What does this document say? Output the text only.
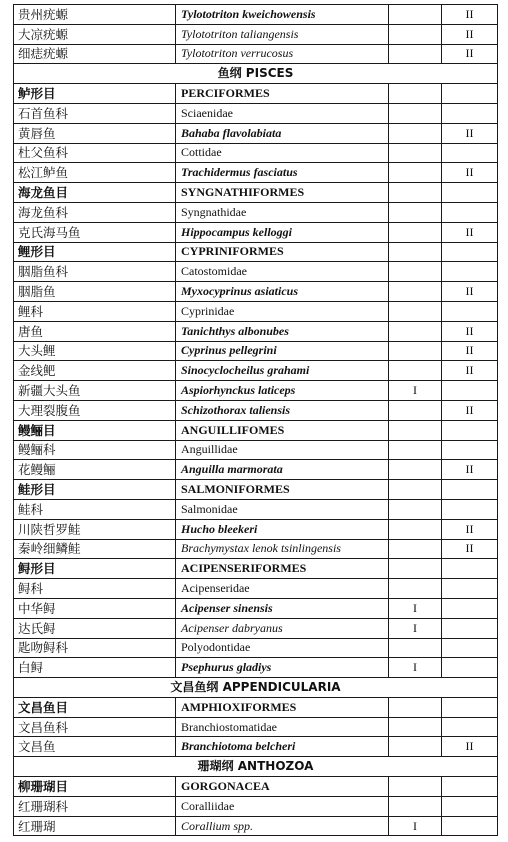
贵州疣螈	Tylototriton kweichowensis		II
大凉疣螈	Tylototriton taliangensis		II
细痣疣螈	Tylototriton verrucosus		II
鱼纲 PISCES			
鲈形目	PERCIFORMES		
石首鱼科	Sciaenidae		
黄唇鱼	Bahaba flavolabiata		II
杜父鱼科	Cottidae		
松江鲈鱼	Trachidermus fasciatus		II
海龙鱼目	SYNGNATHIFORMES		
海龙鱼科	Syngnathidae		
克氏海马鱼	Hippocampus kelloggi		II
鲤形目	CYPRINIFORMES		
胭脂鱼科	Catostomidae		
胭脂鱼	Myxocyprinus asiaticus		II
鲤科	Cyprinidae		
唐鱼	Tanichthys albonubes		II
大头鲤	Cyprinus pellegrini		II
金线鲃	Sinocyclocheilus grahami		II
新疆大头鱼	Aspiorhynckus laticeps	I	
大理裂腹鱼	Schizothorax taliensis		II
鳗鲡目	ANGUILLIFOMES		
鳗鲡科	Anguillidae		
花鳗鲡	Anguilla marmorata		II
鲑形目	SALMONIFORMES		
鲑科	Salmonidae		
川陕哲罗鲑	Hucho bleekeri		II
秦岭细鳞鲑	Brachymystax lenok tsinlingensis		II
鲟形目	ACIPENSERIFORMES		
鲟科	Acipenseridae		
中华鲟	Acipenser sinensis	I	
达氏鲟	Acipenser dabryanus	I	
匙吻鲟科	Polyodontidae		
白鲟	Psephurus gladiys	I	
文昌鱼纲 APPENDICULARIA			
文昌鱼目	AMPHIOXIFORMES		
文昌鱼科	Branchiostomatidae		
文昌鱼	Branchiotoma belcheri		II
珊瑚纲 ANTHOZOA			
柳珊瑚目	GORGONACEA		
红珊瑚科	Coralliidae		
红珊瑚	Corallium spp.	I	
